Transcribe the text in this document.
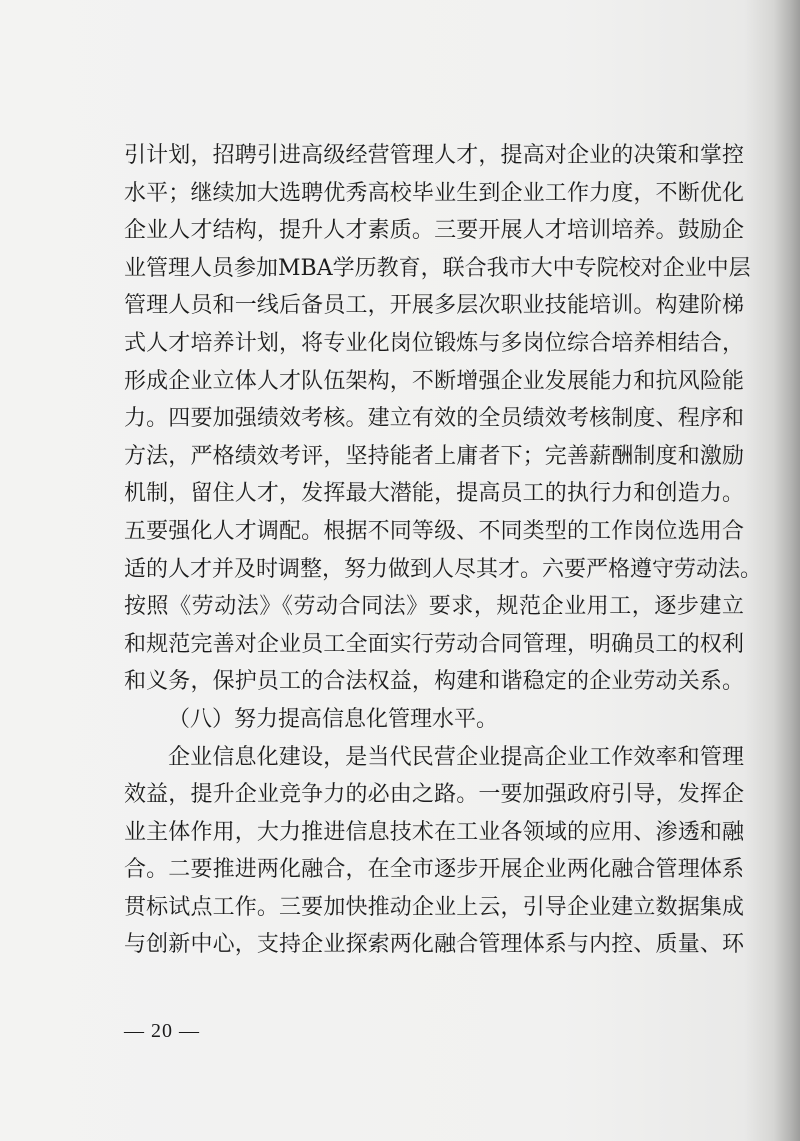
引计划，招聘引进高级经营管理人才，提高对企业的决策和掌控
水平；继续加大选聘优秀高校毕业生到企业工作力度，不断优化
企业人才结构，提升人才素质。三要开展人才培训培养。鼓励企
业管理人员参加MBA学历教育，联合我市大中专院校对企业中层
管理人员和一线后备员工，开展多层次职业技能培训。构建阶梯
式人才培养计划，将专业化岗位锻炼与多岗位综合培养相结合，
形成企业立体人才队伍架构，不断增强企业发展能力和抗风险能
力。四要加强绩效考核。建立有效的全员绩效考核制度、程序和
方法，严格绩效考评，坚持能者上庸者下；完善薪酬制度和激励
机制，留住人才，发挥最大潜能，提高员工的执行力和创造力。
五要强化人才调配。根据不同等级、不同类型的工作岗位选用合
适的人才并及时调整，努力做到人尽其才。六要严格遵守劳动法。
按照《劳动法》《劳动合同法》要求，规范企业用工，逐步建立
和规范完善对企业员工全面实行劳动合同管理，明确员工的权利
和义务，保护员工的合法权益，构建和谐稳定的企业劳动关系。
（八）努力提高信息化管理水平。
企业信息化建设，是当代民营企业提高企业工作效率和管理
效益，提升企业竞争力的必由之路。一要加强政府引导，发挥企
业主体作用，大力推进信息技术在工业各领域的应用、渗透和融
合。二要推进两化融合，在全市逐步开展企业两化融合管理体系
贯标试点工作。三要加快推动企业上云，引导企业建立数据集成
与创新中心，支持企业探索两化融合管理体系与内控、质量、环
— 20 —
